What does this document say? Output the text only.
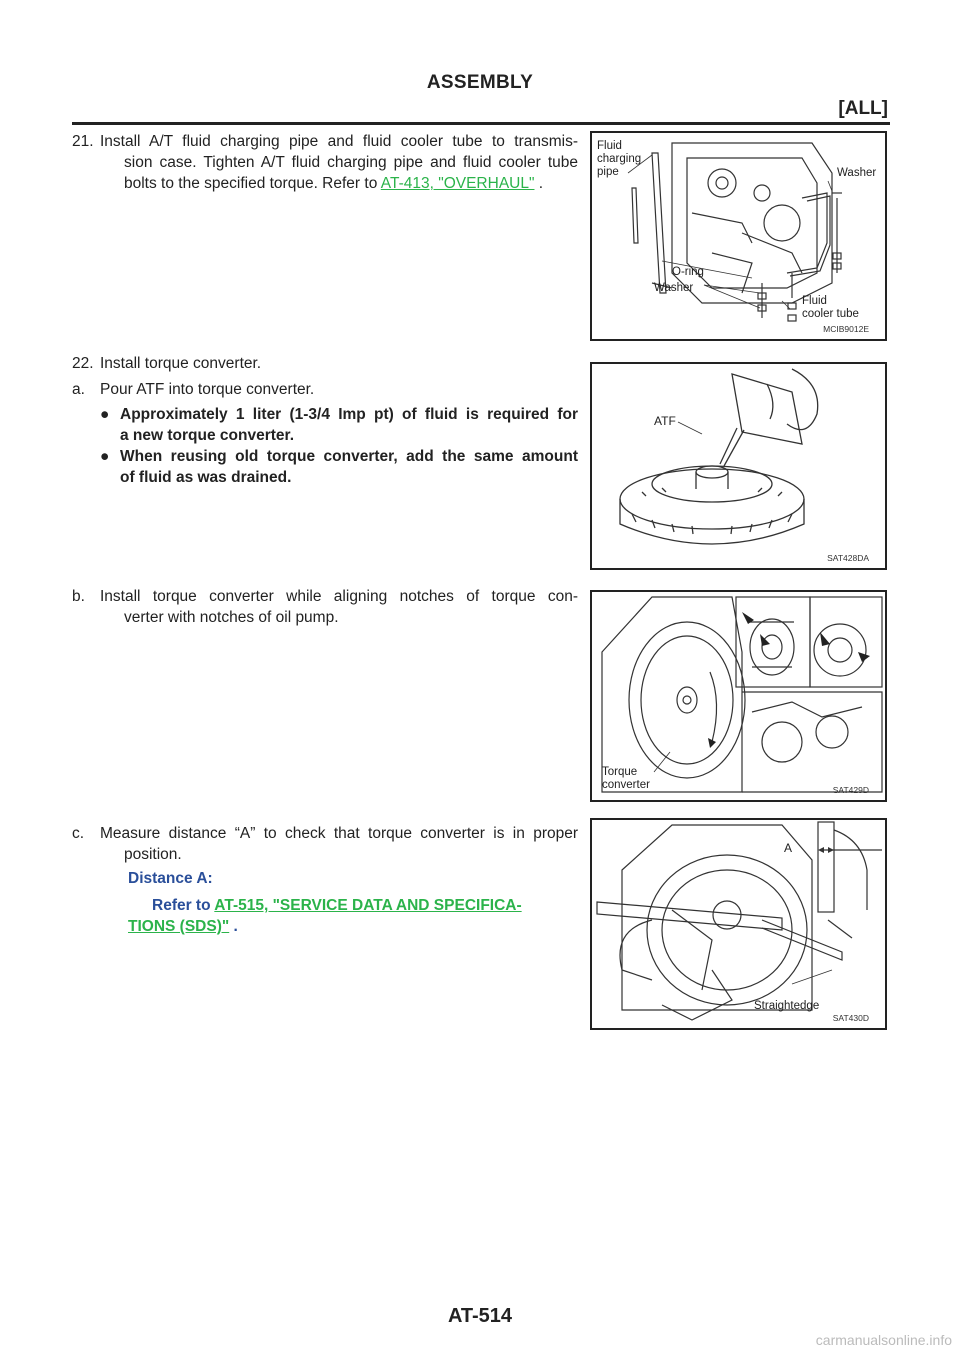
ASSEMBLY
[ALL]
21. Install A/T fluid charging pipe and fluid cooler tube to transmis-
sion case. Tighten A/T fluid charging pipe and fluid cooler tube
bolts to the specified torque. Refer to AT-413, "OVERHAUL" .
Fluid
charging
pipe	Washer
O-ring
Washer
Fluid
cooler tube
MCIB9012E
22. Install torque converter.
a. Pour ATF into torque converter.
● Approximately 1 liter (1-3/4 Imp pt) of fluid is required for
a new torque converter.
● When reusing old torque converter, add the same amount
of fluid as was drained.
ATF
SAT428DA
b. Install torque converter while aligning notches of torque con-
verter with notches of oil pump.
Torque
converter	SAT429D
c. Measure distance “A” to check that torque converter is in proper
position.
Distance A:
Refer to AT-515, "SERVICE DATA AND SPECIFICA-
TIONS (SDS)" .
A
Straightedge
SAT430D
AT-514
carmanualsonline.info
